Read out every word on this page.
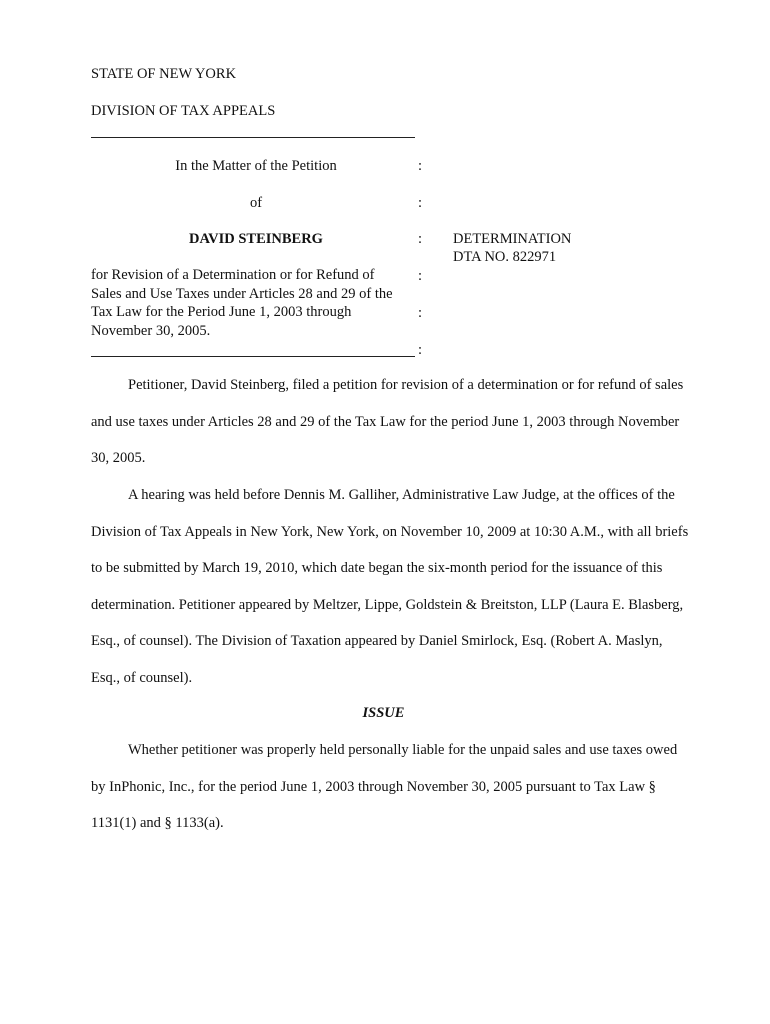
STATE OF NEW YORK
DIVISION OF TAX APPEALS
In the Matter of the Petition
of
DAVID STEINBERG
for Revision of a Determination or for Refund of Sales and Use Taxes under Articles 28 and 29 of the Tax Law for the Period June 1, 2003 through November 30, 2005.
:
:
:
:
:
:
DETERMINATION
DTA NO. 822971
Petitioner, David Steinberg, filed a petition for revision of a determination or for refund of sales and use taxes under Articles 28 and 29 of the Tax Law for the period June 1, 2003 through November 30, 2005.
A hearing was held before Dennis M. Galliher, Administrative Law Judge, at the offices of the Division of Tax Appeals in New York, New York, on November 10, 2009 at 10:30 A.M., with all briefs to be submitted by March 19, 2010, which date began the six-month period for the issuance of this determination. Petitioner appeared by Meltzer, Lippe, Goldstein & Breitston, LLP (Laura E. Blasberg, Esq., of counsel). The Division of Taxation appeared by Daniel Smirlock, Esq. (Robert A. Maslyn, Esq., of counsel).
ISSUE
Whether petitioner was properly held personally liable for the unpaid sales and use taxes owed by InPhonic, Inc., for the period June 1, 2003 through November 30, 2005 pursuant to Tax Law § 1131(1) and § 1133(a).
